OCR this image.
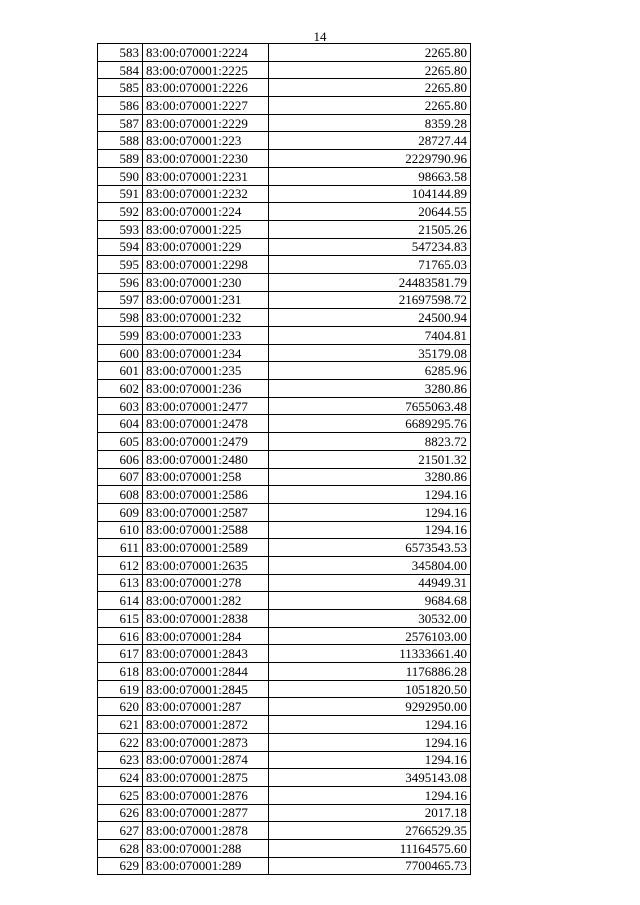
14
583	83:00:070001:2224	2265.80
584	83:00:070001:2225	2265.80
585	83:00:070001:2226	2265.80
586	83:00:070001:2227	2265.80
587	83:00:070001:2229	8359.28
588	83:00:070001:223	28727.44
589	83:00:070001:2230	2229790.96
590	83:00:070001:2231	98663.58
591	83:00:070001:2232	104144.89
592	83:00:070001:224	20644.55
593	83:00:070001:225	21505.26
594	83:00:070001:229	547234.83
595	83:00:070001:2298	71765.03
596	83:00:070001:230	24483581.79
597	83:00:070001:231	21697598.72
598	83:00:070001:232	24500.94
599	83:00:070001:233	7404.81
600	83:00:070001:234	35179.08
601	83:00:070001:235	6285.96
602	83:00:070001:236	3280.86
603	83:00:070001:2477	7655063.48
604	83:00:070001:2478	6689295.76
605	83:00:070001:2479	8823.72
606	83:00:070001:2480	21501.32
607	83:00:070001:258	3280.86
608	83:00:070001:2586	1294.16
609	83:00:070001:2587	1294.16
610	83:00:070001:2588	1294.16
611	83:00:070001:2589	6573543.53
612	83:00:070001:2635	345804.00
613	83:00:070001:278	44949.31
614	83:00:070001:282	9684.68
615	83:00:070001:2838	30532.00
616	83:00:070001:284	2576103.00
617	83:00:070001:2843	11333661.40
618	83:00:070001:2844	1176886.28
619	83:00:070001:2845	1051820.50
620	83:00:070001:287	9292950.00
621	83:00:070001:2872	1294.16
622	83:00:070001:2873	1294.16
623	83:00:070001:2874	1294.16
624	83:00:070001:2875	3495143.08
625	83:00:070001:2876	1294.16
626	83:00:070001:2877	2017.18
627	83:00:070001:2878	2766529.35
628	83:00:070001:288	11164575.60
629	83:00:070001:289	7700465.73
